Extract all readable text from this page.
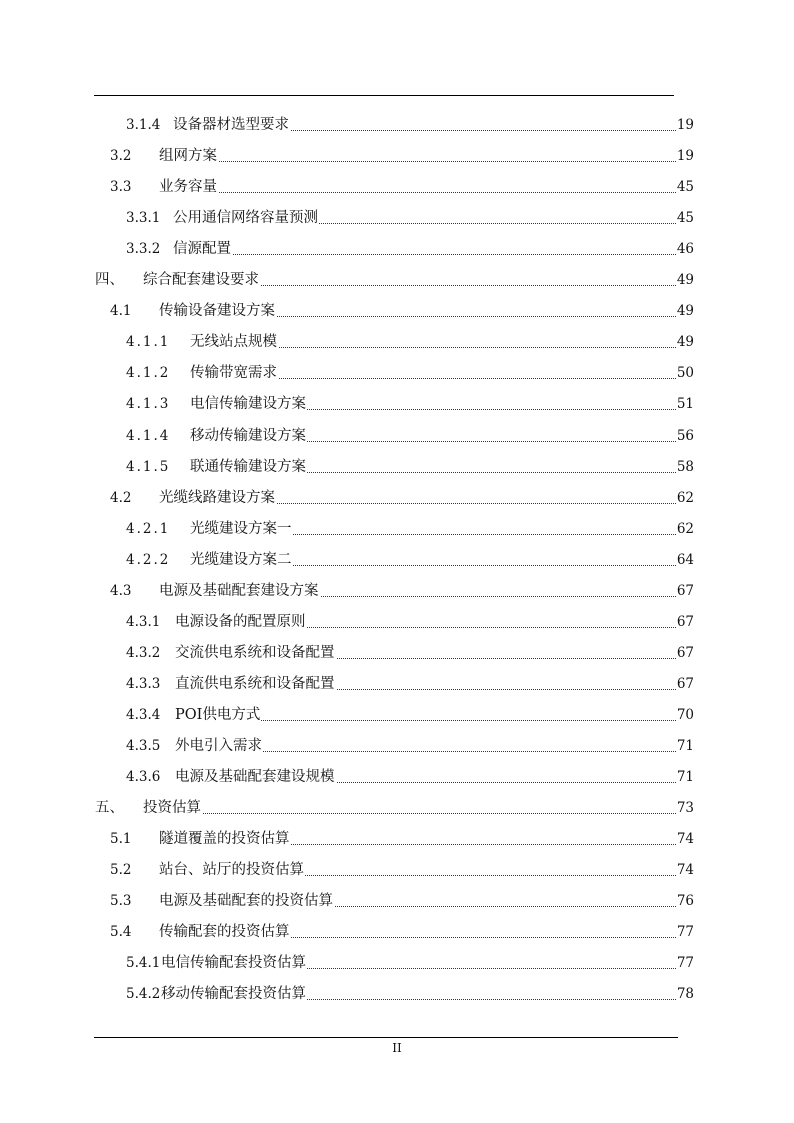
3.1.4 设备器材选型要求	19
3.2 组网方案	19
3.3 业务容量	45
3.3.1 公用通信网络容量预测	45
3.3.2 信源配置	46
四、 综合配套建设要求	49
4.1 传输设备建设方案	49
4.1.1 无线站点规模	49
4.1.2 传输带宽需求	50
4.1.3 电信传输建设方案	51
4.1.4 移动传输建设方案	56
4.1.5 联通传输建设方案	58
4.2 光缆线路建设方案	62
4.2.1 光缆建设方案一	62
4.2.2 光缆建设方案二	64
4.3 电源及基础配套建设方案	67
4.3.1 电源设备的配置原则	67
4.3.2 交流供电系统和设备配置	67
4.3.3 直流供电系统和设备配置	67
4.3.4 POI供电方式	70
4.3.5 外电引入需求	71
4.3.6 电源及基础配套建设规模	71
五、 投资估算	73
5.1 隧道覆盖的投资估算	74
5.2 站台、站厅的投资估算	74
5.3 电源及基础配套的投资估算	76
5.4 传输配套的投资估算	77
5.4.1 电信传输配套投资估算	77
5.4.2 移动传输配套投资估算	78
II
